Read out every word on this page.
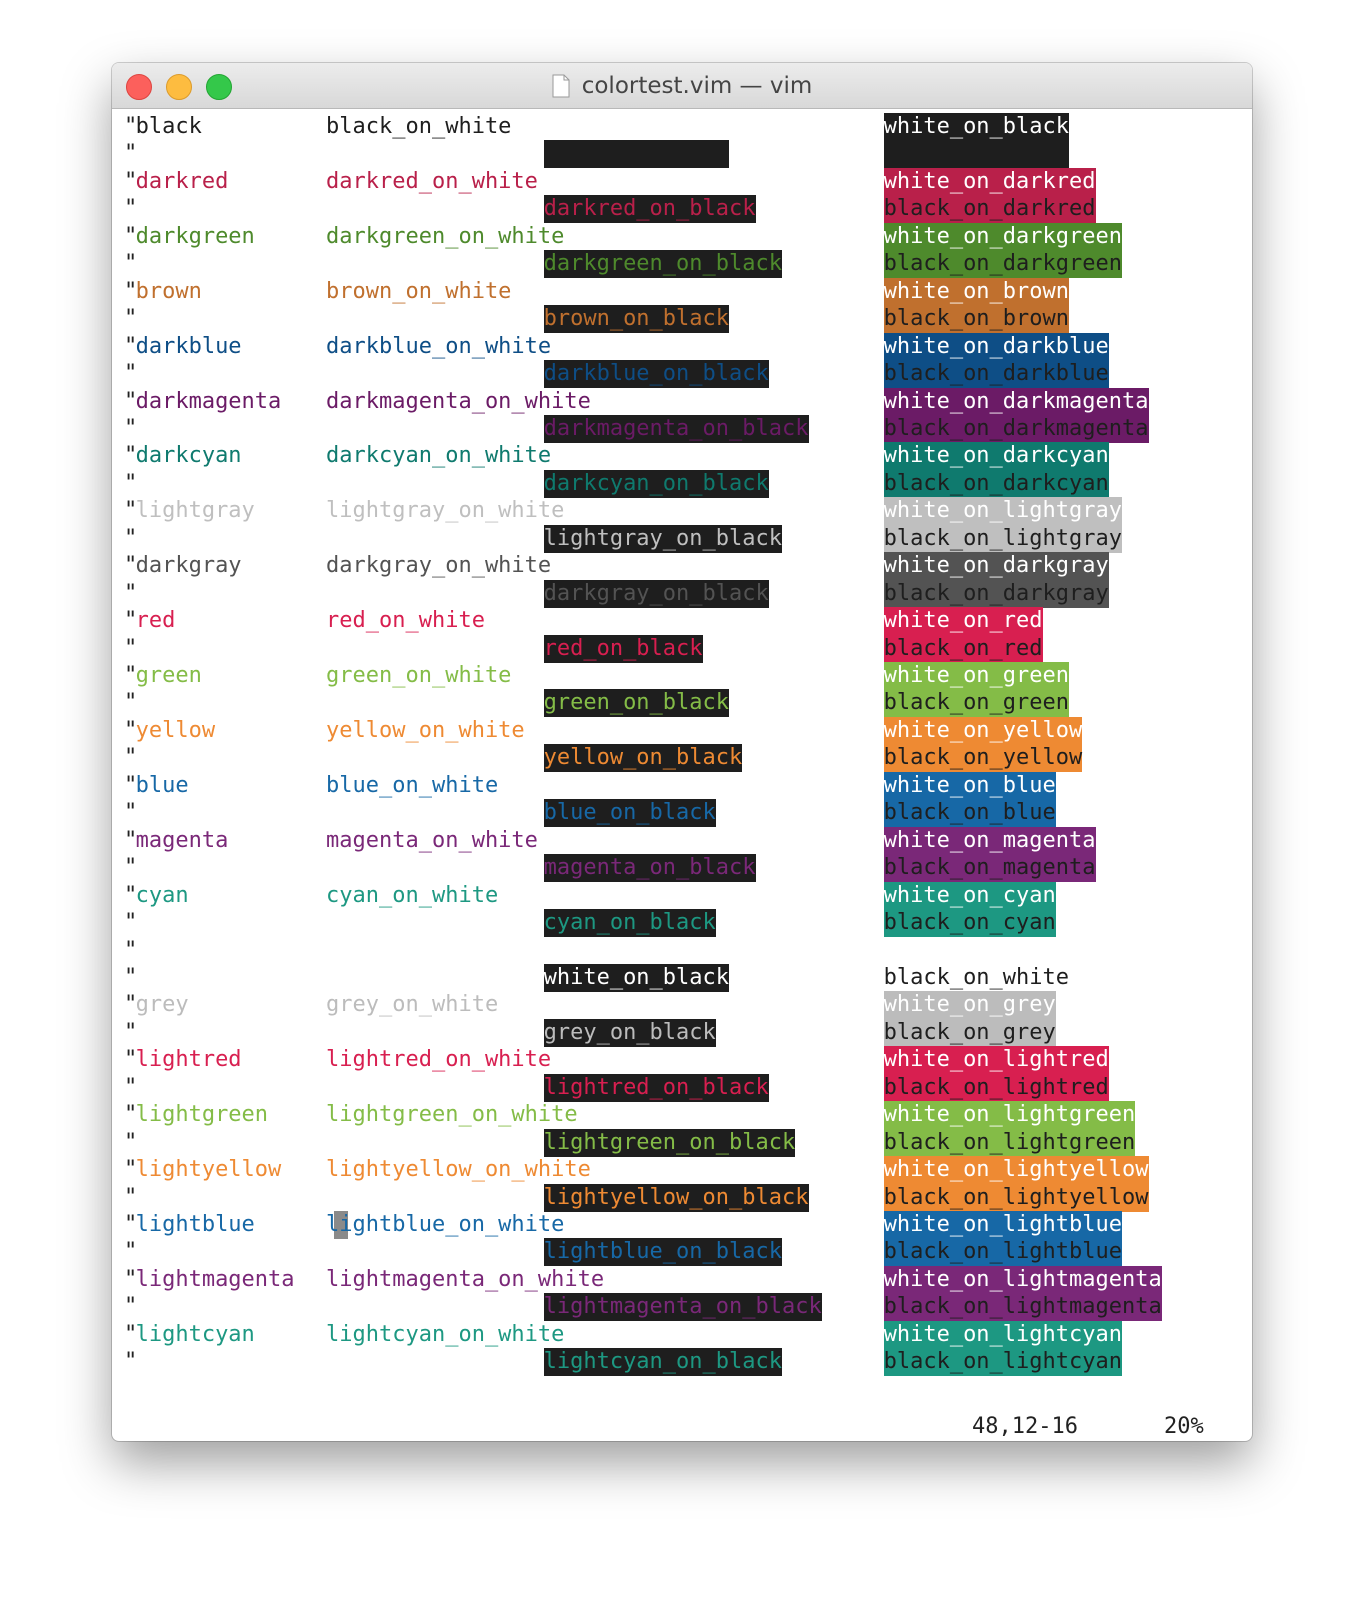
colortest.vim — vim
48,12-16	20%
"
black	black_on_white	white_on_black
"

"
darkred	darkred_on_white	white_on_darkred
"	darkred_on_black	black_on_darkred
"
darkgreen	darkgreen_on_white	white_on_darkgreen
"	darkgreen_on_black	black_on_darkgreen
"
brown	brown_on_white	white_on_brown
"	brown_on_black	black_on_brown
"
darkblue	darkblue_on_white	white_on_darkblue
"	darkblue_on_black	black_on_darkblue
"
darkmagenta darkmagenta_on_white	white_on_darkmagenta
"	darkmagenta_on_black	black_on_darkmagenta
"
darkcyan	darkcyan_on_white	white_on_darkcyan
"	darkcyan_on_black	black_on_darkcyan
"
lightgray	lightgray_on_white	white_on_lightgray
"	lightgray_on_black	black_on_lightgray
"
darkgray	darkgray_on_white	white_on_darkgray
"	darkgray_on_black	black_on_darkgray
"
red	red_on_white	white_on_red
"	red_on_black	black_on_red
"
green	green_on_white	white_on_green
"	green_on_black	black_on_green
"
yellow	yellow_on_white	white_on_yellow
"	yellow_on_black	black_on_yellow
"
blue	blue_on_white	white_on_blue
"	blue_on_black	black_on_blue
"
magenta	magenta_on_white	white_on_magenta
"	magenta_on_black	black_on_magenta
"
cyan	cyan_on_white	white_on_cyan
"	cyan_on_black	black_on_cyan
"
"	white_on_black	black_on_white
"
grey	grey_on_white	white_on_grey
"	grey_on_black	black_on_grey
"
lightred	lightred_on_white	white_on_lightred
"	lightred_on_black	black_on_lightred
"
lightgreen	lightgreen_on_white	white_on_lightgreen
"	lightgreen_on_black	black_on_lightgreen
"
lightyellow lightyellow_on_white	white_on_lightyellow
"	lightyellow_on_black	black_on_lightyellow
"
lightblue	lightblue_on_white	white_on_lightblue
"	lightblue_on_black	black_on_lightblue
"
lightmagenta lightmagenta_on_white	white_on_lightmagenta
"	lightmagenta_on_black	black_on_lightmagenta
"
lightcyan	lightcyan_on_white	white_on_lightcyan
"	lightcyan_on_black	black_on_lightcyan
